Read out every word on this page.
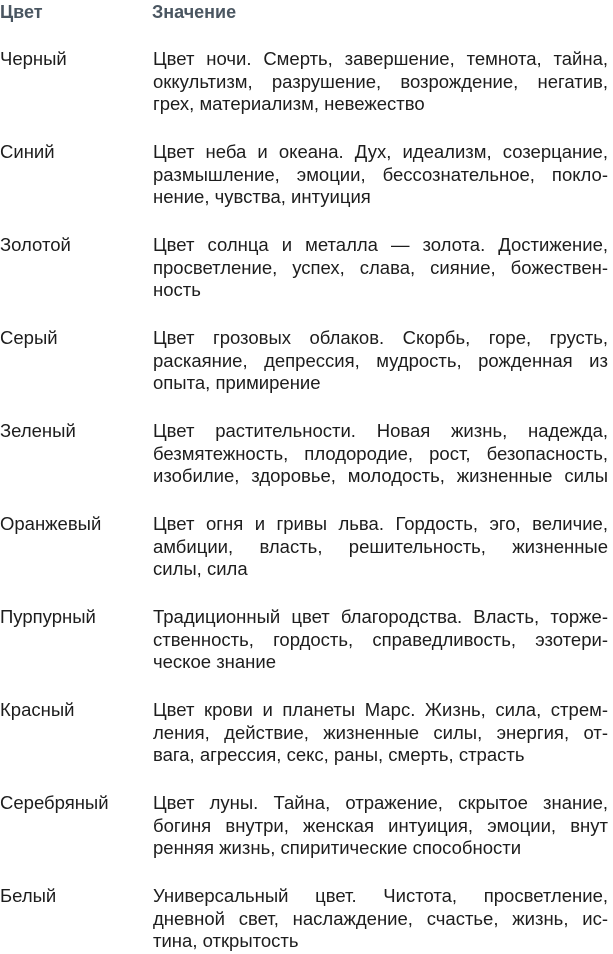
Цвет	Значение
Черный	Цвет ночи. Смерть, завершение, темнота, тайна,
оккультизм, разрушение, возрождение, негатив,
грех, материализм, невежество
Синий	Цвет неба и океана. Дух, идеализм, созерцание,
размышление, эмоции, бессознательное, покло-
нение, чувства, интуиция
Золотой	Цвет солнца и металла — золота. Достижение,
просветление, успех, слава, сияние, божествен-
ность
Серый	Цвет грозовых облаков. Скорбь, горе, грусть,
раскаяние, депрессия, мудрость, рожденная из
опыта, примирение
Зеленый	Цвет растительности. Новая жизнь, надежда,
безмятежность, плодородие, рост, безопасность,
изобилие, здоровье, молодость, жизненные силы
Оранжевый	Цвет огня и гривы льва. Гордость, эго, величие,
амбиции, власть, решительность, жизненные
силы, сила
Пурпурный	Традиционный цвет благородства. Власть, торже-
ственность, гордость, справедливость, эзотери-
ческое знание
Красный	Цвет крови и планеты Марс. Жизнь, сила, стрем-
ления, действие, жизненные силы, энергия, от-
вага, агрессия, секс, раны, смерть, страсть
Серебряный Цвет луны. Тайна, отражение, скрытое знание,
богиня внутри, женская интуиция, эмоции, внут
ренняя жизнь, спиритические способности
Белый	Универсальный цвет. Чистота, просветление,
дневной свет, наслаждение, счастье, жизнь, ис-
тина, открытость
